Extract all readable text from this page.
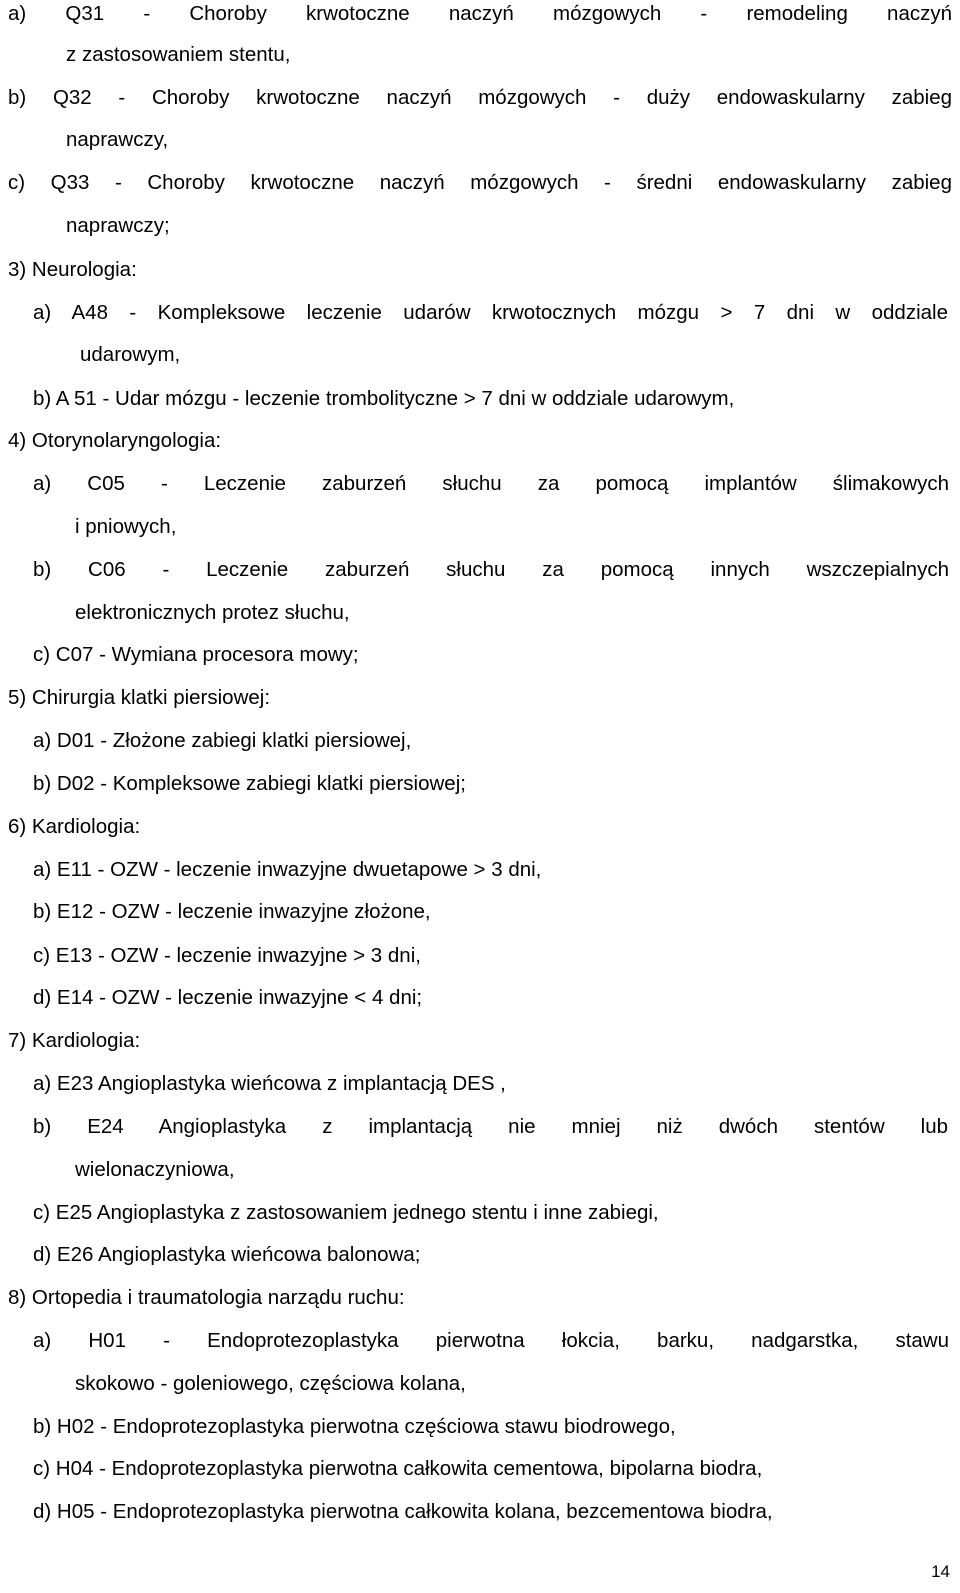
a) Q31 - Choroby krwotoczne naczyń mózgowych - remodeling naczyń
z zastosowaniem stentu,
b) Q32 - Choroby krwotoczne naczyń mózgowych - duży endowaskularny zabieg
naprawczy,
c) Q33 - Choroby krwotoczne naczyń mózgowych - średni endowaskularny zabieg
naprawczy;
3) Neurologia:
a) A48 - Kompleksowe leczenie udarów krwotocznych mózgu > 7 dni w oddziale
udarowym,
b) A 51 - Udar mózgu - leczenie trombolityczne > 7 dni w oddziale udarowym,
4) Otorynolaryngologia:
a) C05 - Leczenie zaburzeń słuchu za pomocą implantów ślimakowych
i pniowych,
b) C06 - Leczenie zaburzeń słuchu za pomocą innych wszczepialnych
elektronicznych protez słuchu,
c) C07 - Wymiana procesora mowy;
5) Chirurgia klatki piersiowej:
a) D01 - Złożone zabiegi klatki piersiowej,
b) D02 - Kompleksowe zabiegi klatki piersiowej;
6) Kardiologia:
a) E11 - OZW - leczenie inwazyjne dwuetapowe > 3 dni,
b) E12 - OZW - leczenie inwazyjne złożone,
c) E13 - OZW - leczenie inwazyjne > 3 dni,
d) E14 - OZW - leczenie inwazyjne < 4 dni;
7) Kardiologia:
a) E23 Angioplastyka wieńcowa z implantacją DES ,
b) E24 Angioplastyka z implantacją nie mniej niż dwóch stentów lub
wielonaczyniowa,
c) E25 Angioplastyka z zastosowaniem jednego stentu i inne zabiegi,
d) E26 Angioplastyka wieńcowa balonowa;
8) Ortopedia i traumatologia narządu ruchu:
a) H01 - Endoprotezoplastyka pierwotna łokcia, barku, nadgarstka, stawu
skokowo - goleniowego, częściowa kolana,
b) H02 - Endoprotezoplastyka pierwotna częściowa stawu biodrowego,
c) H04 - Endoprotezoplastyka pierwotna całkowita cementowa, bipolarna biodra,
d) H05 - Endoprotezoplastyka pierwotna całkowita kolana, bezcementowa biodra,
14
